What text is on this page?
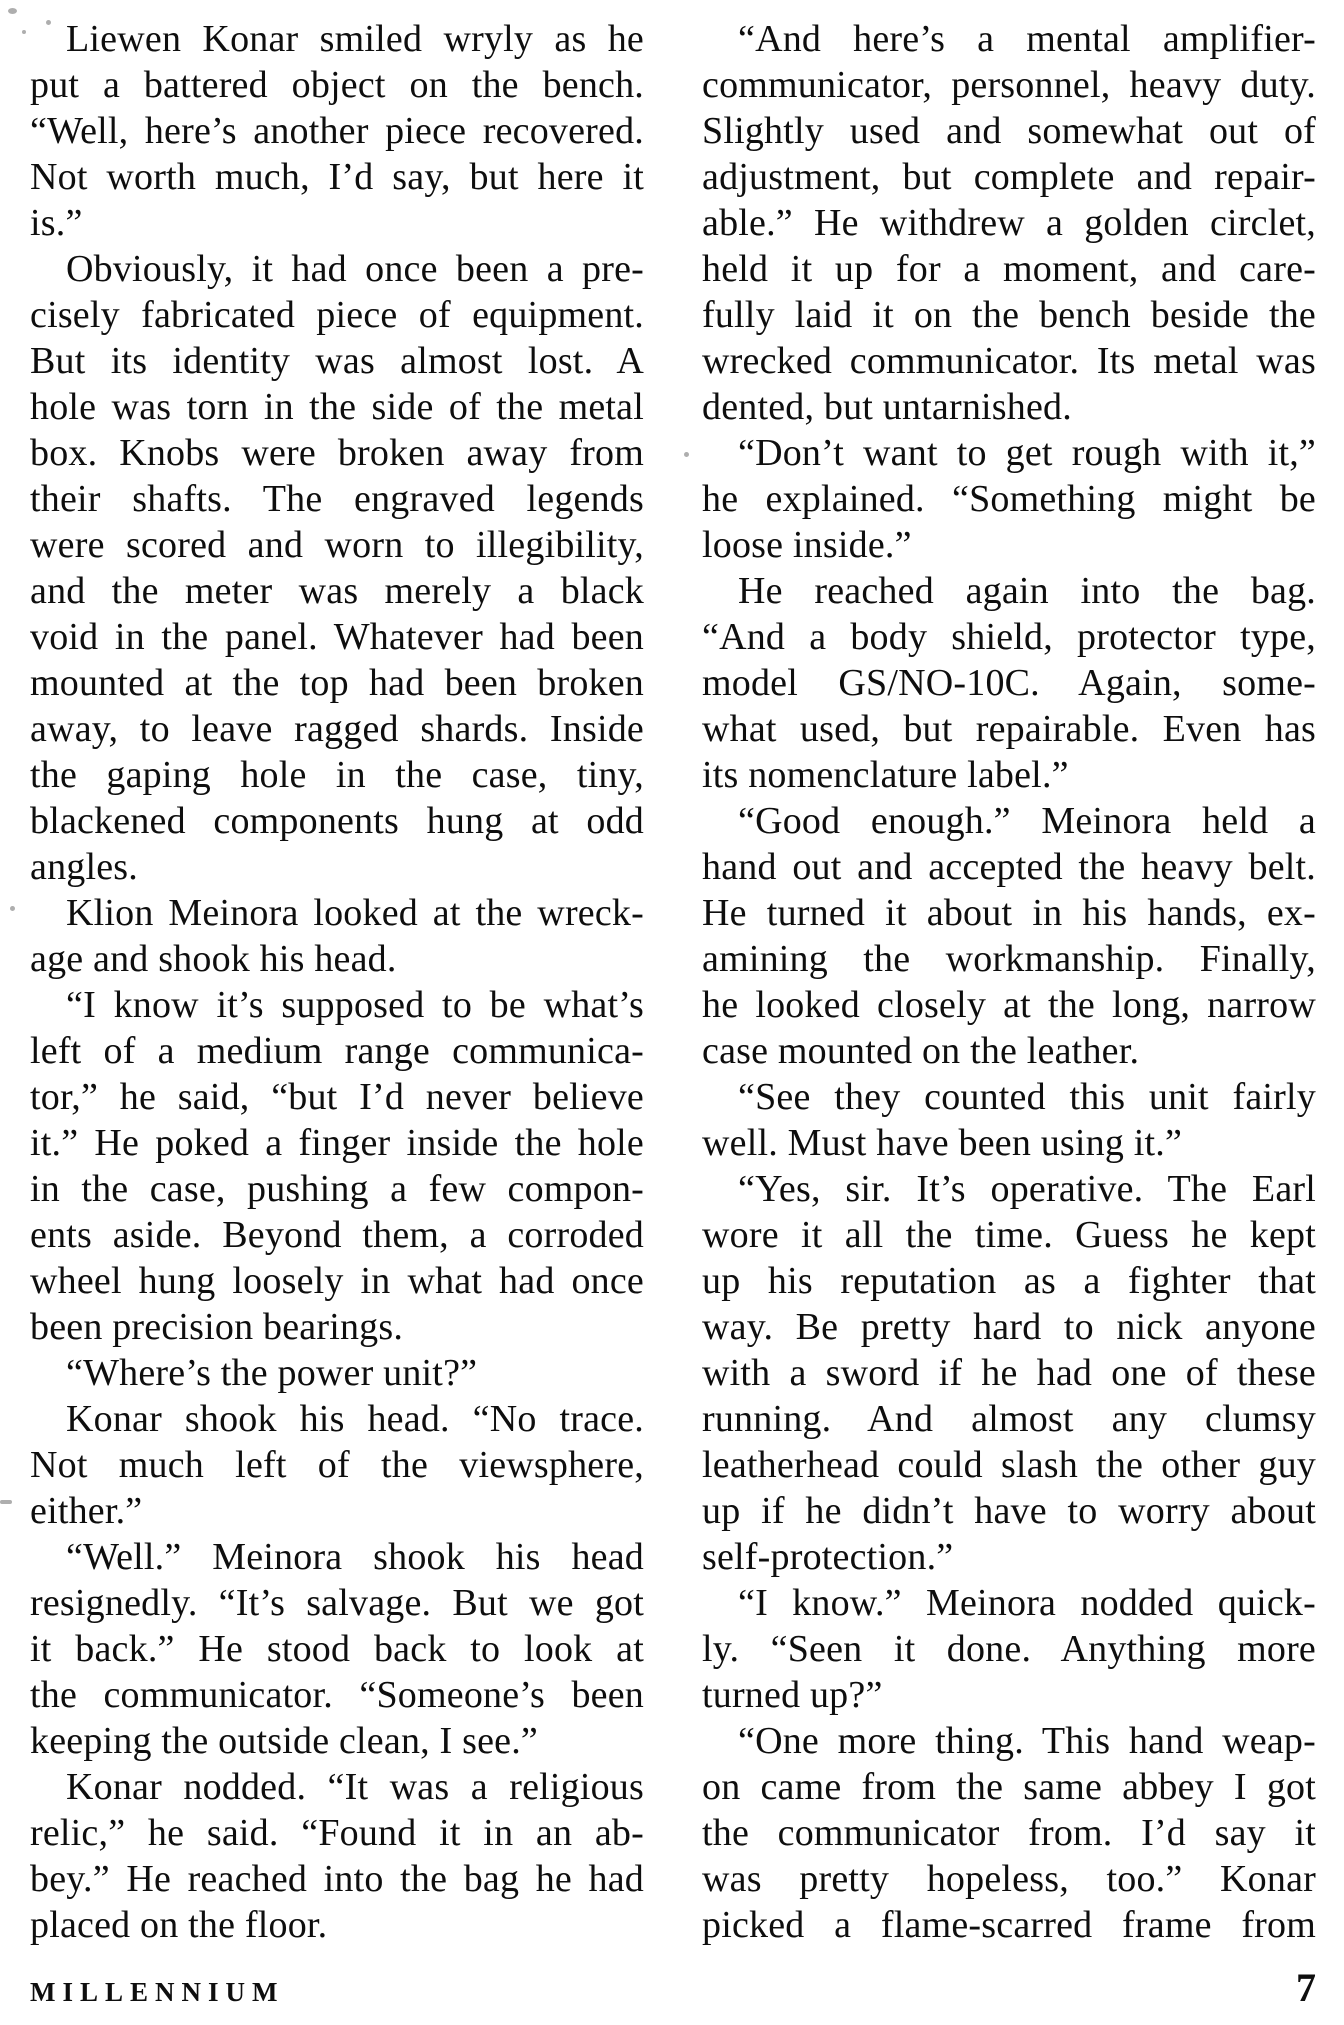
Liewen Konar smiled wryly as he
put a battered object on the bench.
“Well, here’s another piece recovered.
Not worth much, I’d say, but here it
is.”
Obviously, it had once been a pre-
cisely fabricated piece of equipment.
But its identity was almost lost. A
hole was torn in the side of the metal
box. Knobs were broken away from
their shafts. The engraved legends
were scored and worn to illegibility,
and the meter was merely a black
void in the panel. Whatever had been
mounted at the top had been broken
away, to leave ragged shards. Inside
the gaping hole in the case, tiny,
blackened components hung at odd
angles.
Klion Meinora looked at the wreck-
age and shook his head.
“I know it’s supposed to be what’s
left of a medium range communica-
tor,” he said, “but I’d never believe
it.” He poked a finger inside the hole
in the case, pushing a few compon-
ents aside. Beyond them, a corroded
wheel hung loosely in what had once
been precision bearings.
“Where’s the power unit?”
Konar shook his head. “No trace.
Not much left of the viewsphere,
either.”
“Well.” Meinora shook his head
resignedly. “It’s salvage. But we got
it back.” He stood back to look at
the communicator. “Someone’s been
keeping the outside clean, I see.”
Konar nodded. “It was a religious
relic,” he said. “Found it in an ab-
bey.” He reached into the bag he had
placed on the floor.
“And here’s a mental amplifier-
communicator, personnel, heavy duty.
Slightly used and somewhat out of
adjustment, but complete and repair-
able.” He withdrew a golden circlet,
held it up for a moment, and care-
fully laid it on the bench beside the
wrecked communicator. Its metal was
dented, but untarnished.
“Don’t want to get rough with it,”
he explained. “Something might be
loose inside.”
He reached again into the bag.
“And a body shield, protector type,
model GS/NO-10C. Again, some-
what used, but repairable. Even has
its nomenclature label.”
“Good enough.” Meinora held a
hand out and accepted the heavy belt.
He turned it about in his hands, ex-
amining the workmanship. Finally,
he looked closely at the long, narrow
case mounted on the leather.
“See they counted this unit fairly
well. Must have been using it.”
“Yes, sir. It’s operative. The Earl
wore it all the time. Guess he kept
up his reputation as a fighter that
way. Be pretty hard to nick anyone
with a sword if he had one of these
running. And almost any clumsy
leatherhead could slash the other guy
up if he didn’t have to worry about
self-protection.”
“I know.” Meinora nodded quick-
ly. “Seen it done. Anything more
turned up?”
“One more thing. This hand weap-
on came from the same abbey I got
the communicator from. I’d say it
was pretty hopeless, too.” Konar
picked a flame-scarred frame from
MILLENNIUM	7
